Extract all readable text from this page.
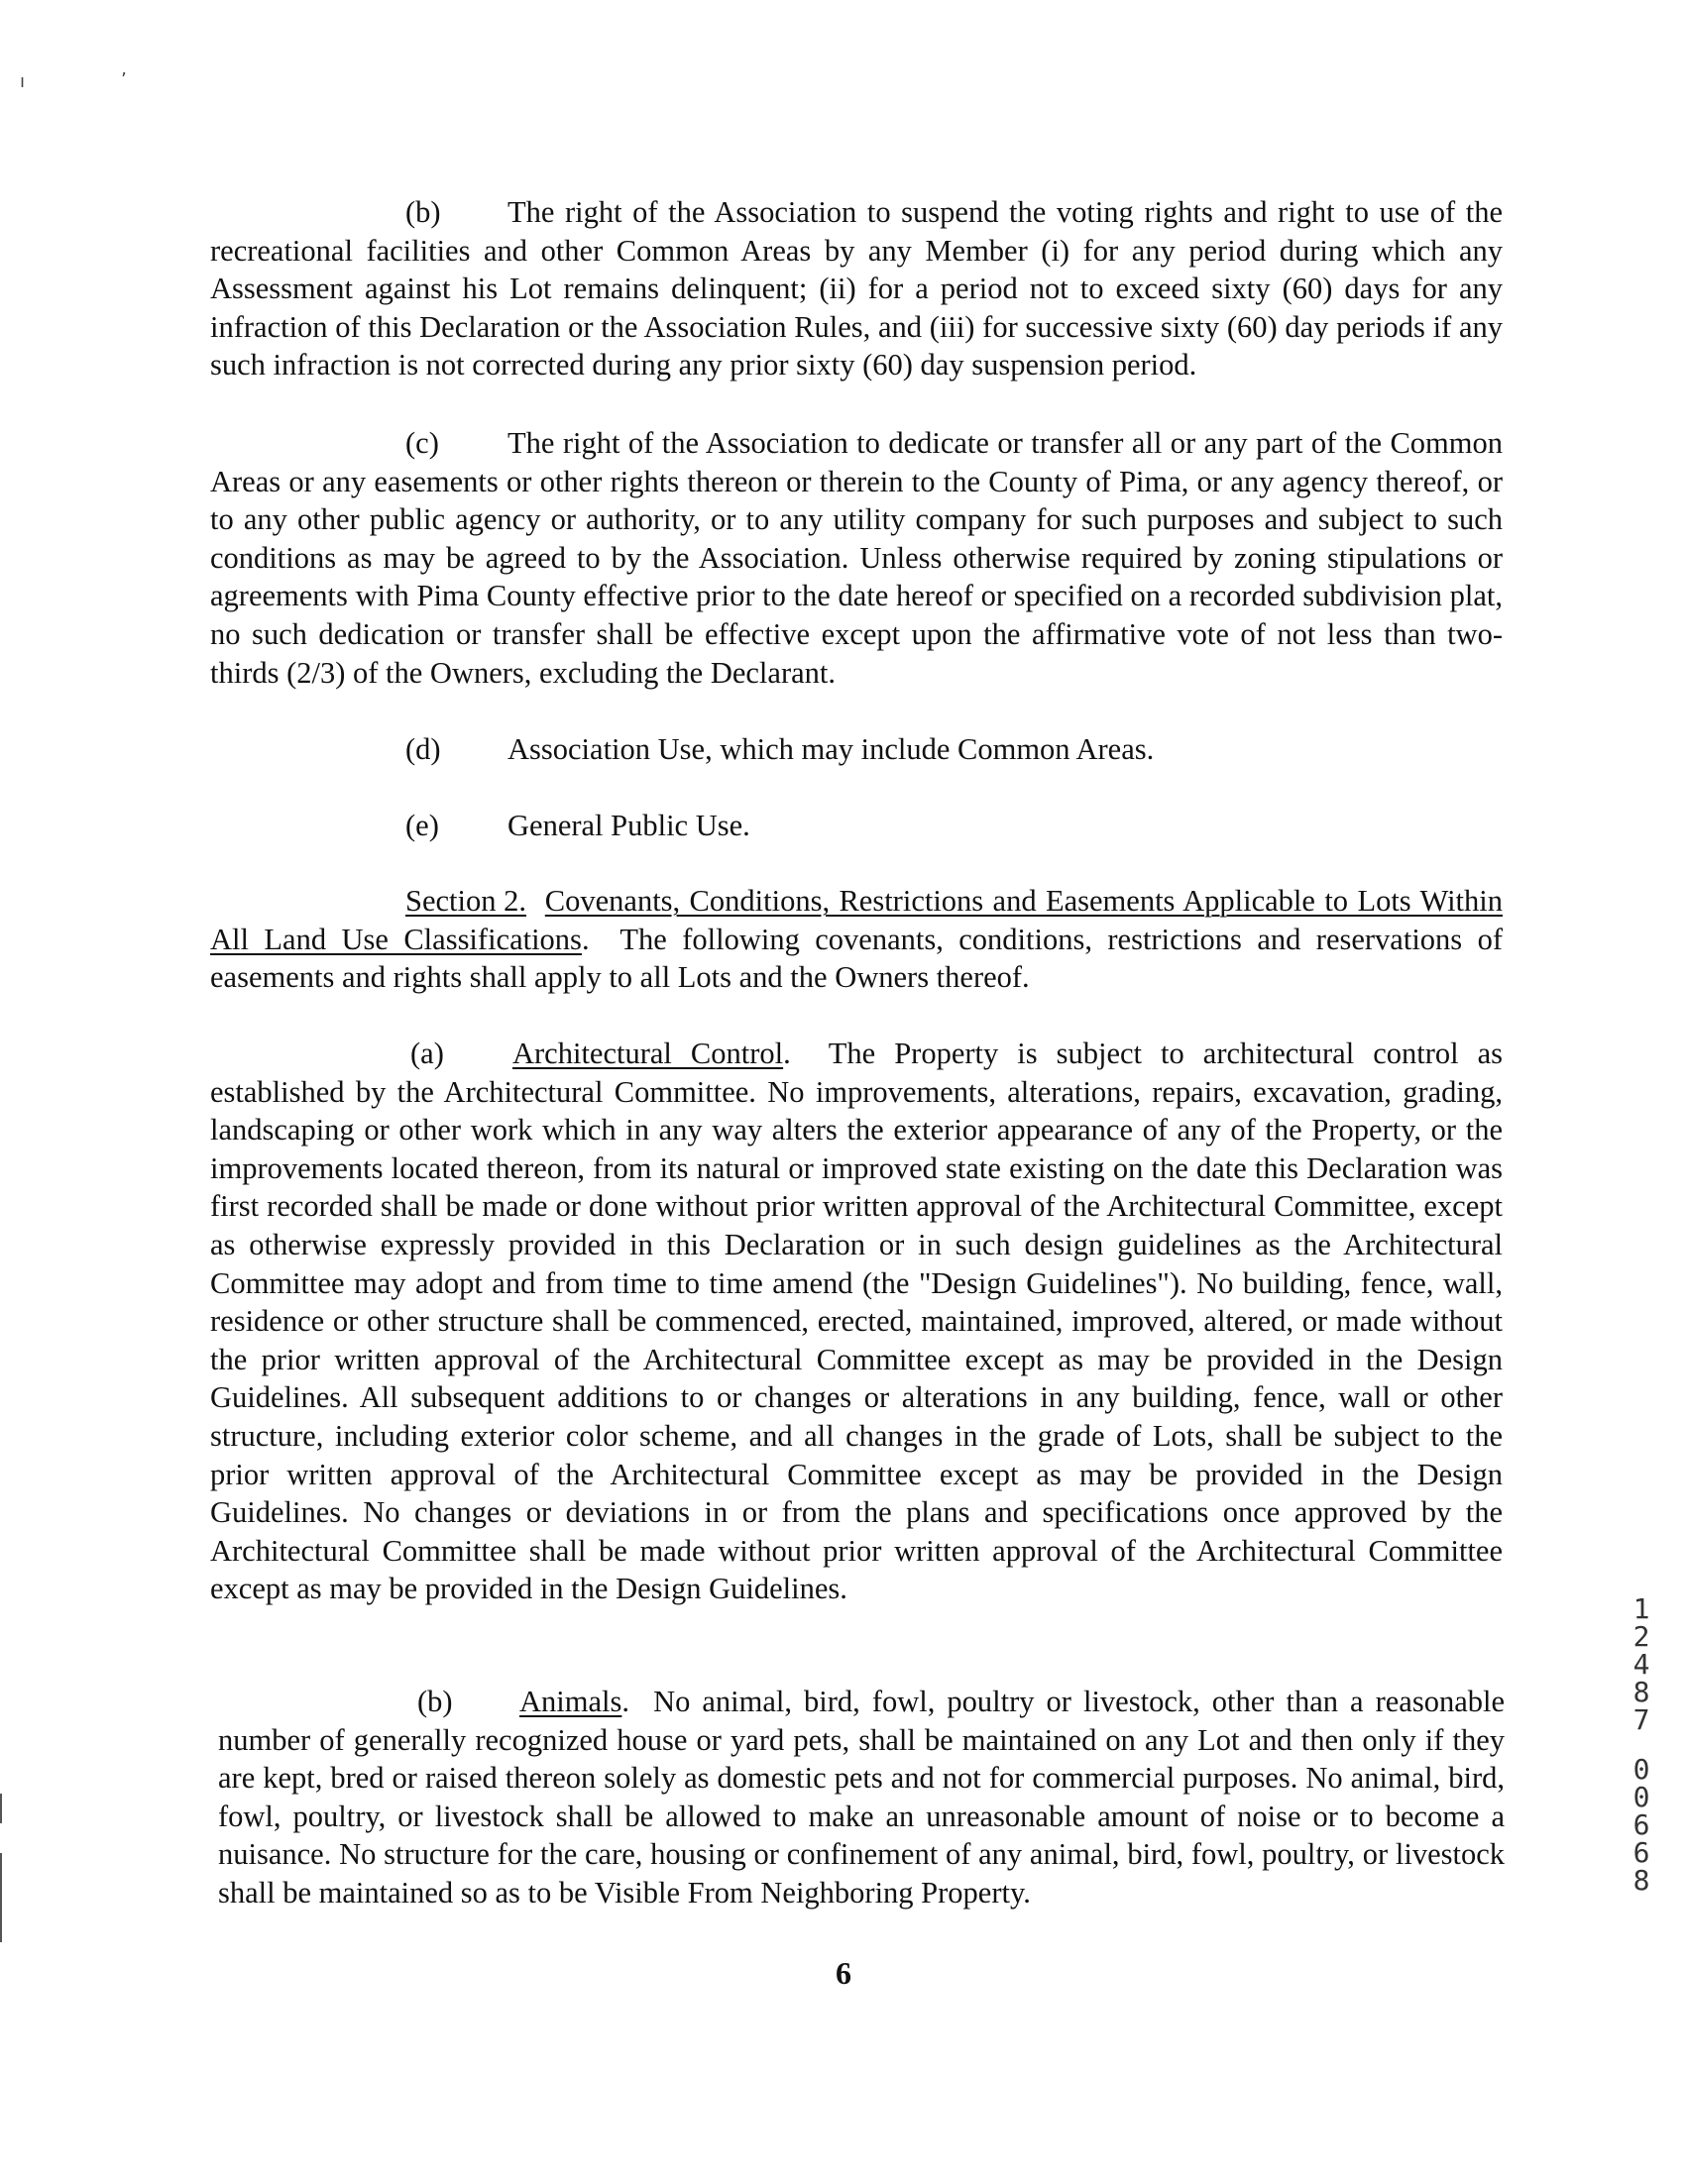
ı	’

(b) The right of the Association to suspend the voting rights and right to use of the recreational facilities and other Common Areas by any Member (i) for any period during which any Assessment against his Lot remains delinquent; (ii) for a period not to exceed sixty (60) days for any infraction of this Declaration or the Association Rules, and (iii) for successive sixty (60) day periods if any such infraction is not corrected during any prior sixty (60) day suspension period.

(c) The right of the Association to dedicate or transfer all or any part of the Common Areas or any easements or other rights thereon or therein to the County of Pima, or any agency thereof, or to any other public agency or authority, or to any utility company for such purposes and subject to such conditions as may be agreed to by the Association. Unless otherwise required by zoning stipulations or agreements with Pima County effective prior to the date hereof or specified on a recorded subdivision plat, no such dedication or transfer shall be effective except upon the affirmative vote of not less than two-thirds (2/3) of the Owners, excluding the Declarant.

(d) Association Use, which may include Common Areas.
(e) General Public Use.

Section 2. Covenants, Conditions, Restrictions and Easements Applicable to Lots Within All Land Use Classifications.  The following covenants, conditions, restrictions and reservations of easements and rights shall apply to all Lots and the Owners thereof.

(a) Architectural Control.  The Property is subject to architectural control as established by the Architectural Committee. No improvements, alterations, repairs, excavation, grading, landscaping or other work which in any way alters the exterior appearance of any of the Property, or the improvements located thereon, from its natural or improved state existing on the date this Declaration was first recorded shall be made or done without prior written approval of the Architectural Committee, except as otherwise expressly provided in this Declaration or in such design guidelines as the Architectural Committee may adopt and from time to time amend (the "Design Guidelines"). No building, fence, wall, residence or other structure shall be commenced, erected, maintained, improved, altered, or made without the prior written approval of the Architectural Committee except as may be provided in the Design Guidelines. All subsequent additions to or changes or alterations in any building, fence, wall or other structure, including exterior color scheme, and all changes in the grade of Lots, shall be subject to the prior written approval of the Architectural Committee except as may be provided in the Design Guidelines. No changes or deviations in or from the plans and specifications once approved by the Architectural Committee shall be made without prior written approval of the Architectural Committee except as may be provided in the Design Guidelines.

(b) Animals.  No animal, bird, fowl, poultry or livestock, other than a reasonable number of generally recognized house or yard pets, shall be maintained on any Lot and then only if they are kept, bred or raised thereon solely as domestic pets and not for commercial purposes. No animal, bird, fowl, poultry, or livestock shall be allowed to make an unreasonable amount of noise or to become a nuisance. No structure for the care, housing or confinement of any animal, bird, fowl, poultry, or livestock shall be maintained so as to be Visible From Neighboring Property.

6
1
2
4
8
7
0
0
6
6
8
